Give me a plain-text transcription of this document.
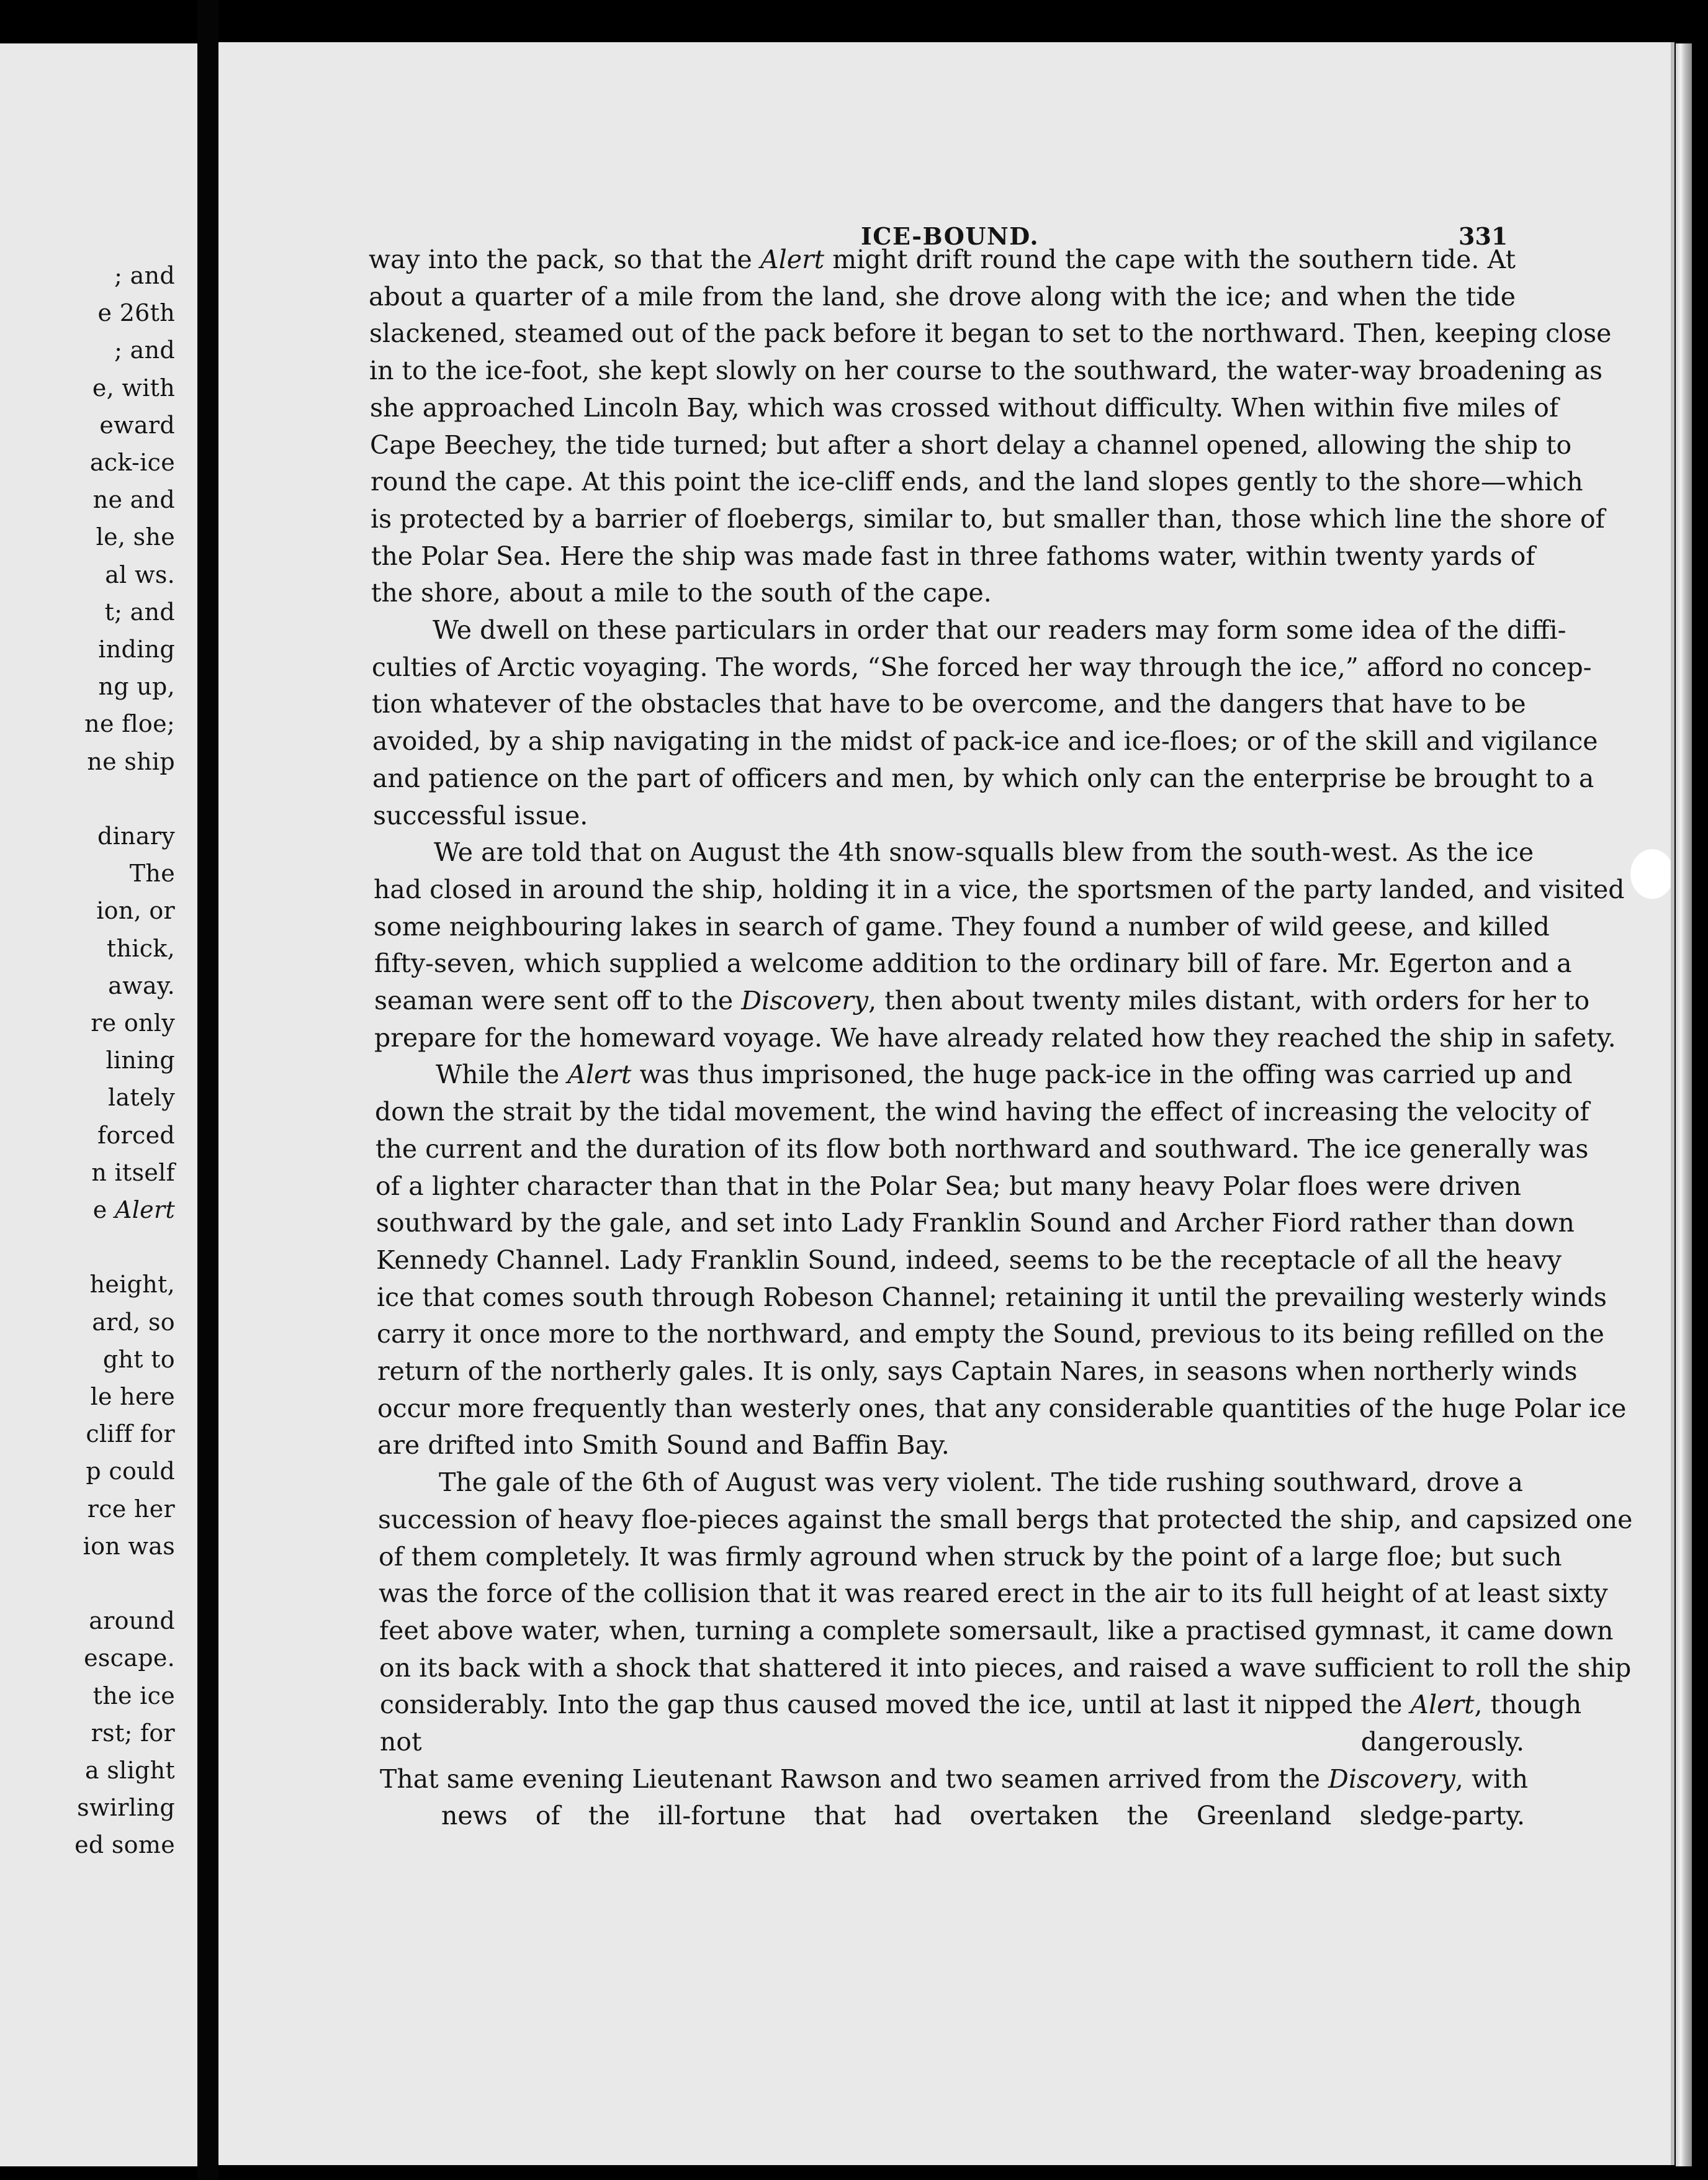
; and
e 26th
; and
e, with
eward
ack-ice
ne and
le, she
al ws.
t; and
inding
ng up,
ne floe;
ne ship
dinary
The
ion, or
thick,
away.
re only
lining
lately
forced
n itself
e Alert
height,
ard, so
ght to
le here
cliff for
p could
rce her
ion was
around
escape.
the ice
rst; for
a slight
swirling
ed some
ICE-BOUND.	331
way into the pack, so that the Alert might drift round the cape with the southern tide. At
about a quarter of a mile from the land, she drove along with the ice; and when the tide
slackened, steamed out of the pack before it began to set to the northward. Then, keeping close
in to the ice-foot, she kept slowly on her course to the southward, the water-way broadening as
she approached Lincoln Bay, which was crossed without difficulty. When within five miles of
Cape Beechey, the tide turned; but after a short delay a channel opened, allowing the ship to
round the cape. At this point the ice-cliff ends, and the land slopes gently to the shore—which
is protected by a barrier of floebergs, similar to, but smaller than, those which line the shore of
the Polar Sea. Here the ship was made fast in three fathoms water, within twenty yards of
the shore, about a mile to the south of the cape.
We dwell on these particulars in order that our readers may form some idea of the diffi-
culties of Arctic voyaging. The words, “She forced her way through the ice,” afford no concep-
tion whatever of the obstacles that have to be overcome, and the dangers that have to be
avoided, by a ship navigating in the midst of pack-ice and ice-floes; or of the skill and vigilance
and patience on the part of officers and men, by which only can the enterprise be brought to a
successful issue.
We are told that on August the 4th snow-squalls blew from the south-west. As the ice
had closed in around the ship, holding it in a vice, the sportsmen of the party landed, and visited
some neighbouring lakes in search of game. They found a number of wild geese, and killed
fifty-seven, which supplied a welcome addition to the ordinary bill of fare. Mr. Egerton and a
seaman were sent off to the Discovery, then about twenty miles distant, with orders for her to
prepare for the homeward voyage. We have already related how they reached the ship in safety.
While the Alert was thus imprisoned, the huge pack-ice in the offing was carried up and
down the strait by the tidal movement, the wind having the effect of increasing the velocity of
the current and the duration of its flow both northward and southward. The ice generally was
of a lighter character than that in the Polar Sea; but many heavy Polar floes were driven
southward by the gale, and set into Lady Franklin Sound and Archer Fiord rather than down
Kennedy Channel. Lady Franklin Sound, indeed, seems to be the receptacle of all the heavy
ice that comes south through Robeson Channel; retaining it until the prevailing westerly winds
carry it once more to the northward, and empty the Sound, previous to its being refilled on the
return of the northerly gales. It is only, says Captain Nares, in seasons when northerly winds
occur more frequently than westerly ones, that any considerable quantities of the huge Polar ice
are drifted into Smith Sound and Baffin Bay.
The gale of the 6th of August was very violent. The tide rushing southward, drove a
succession of heavy floe-pieces against the small bergs that protected the ship, and capsized one
of them completely. It was firmly aground when struck by the point of a large floe; but such
was the force of the collision that it was reared erect in the air to its full height of at least sixty
feet above water, when, turning a complete somersault, like a practised gymnast, it came down
on its back with a shock that shattered it into pieces, and raised a wave sufficient to roll the ship
considerably. Into the gap thus caused moved the ice, until at last it nipped the Alert, though
not dangerously.
That same evening Lieutenant Rawson and two seamen arrived from the Discovery, with
news of the ill-fortune that had overtaken the Greenland sledge-party.
